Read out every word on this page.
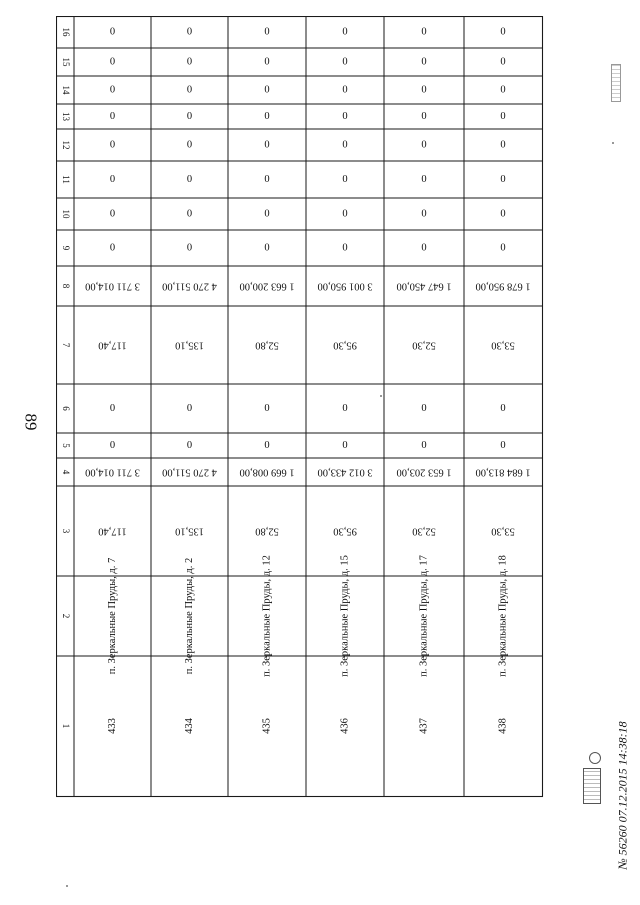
89
1
2
3
4
5
6
7
8
9
10
11
12
13
14
15
16
433
п. Зеркальные Пруды, д. 7
117,40
3 711 014,00
0
0
117,40
3 711 014,00
0
0
0
0
0
0
0
0
434
п. Зеркальные Пруды, д. 2
135,10
4 270 511,00
0
0
135,10
4 270 511,00
0
0
0
0
0
0
0
0
435
п. Зеркальные Пруды, д. 12
52,80
1 669 008,00
0
0
52,80
1 663 200,00
0
0
0
0
0
0
0
0
436
п. Зеркальные Пруды, д. 15
95,30
3 012 433,00
0
0
95,30
3 001 950,00
0
0
0
0
0
0
0
0
437
п. Зеркальные Пруды, д. 17
52,30
1 653 203,00
0
0
52,30
1 647 450,00
0
0
0
0
0
0
0
0
438
п. Зеркальные Пруды, д. 18
53,30
1 684 813,00
0
0
53,30
1 678 950,00
0
0
0
0
0
0
0
0
№ 56260 07.12.2015 14:38:18
